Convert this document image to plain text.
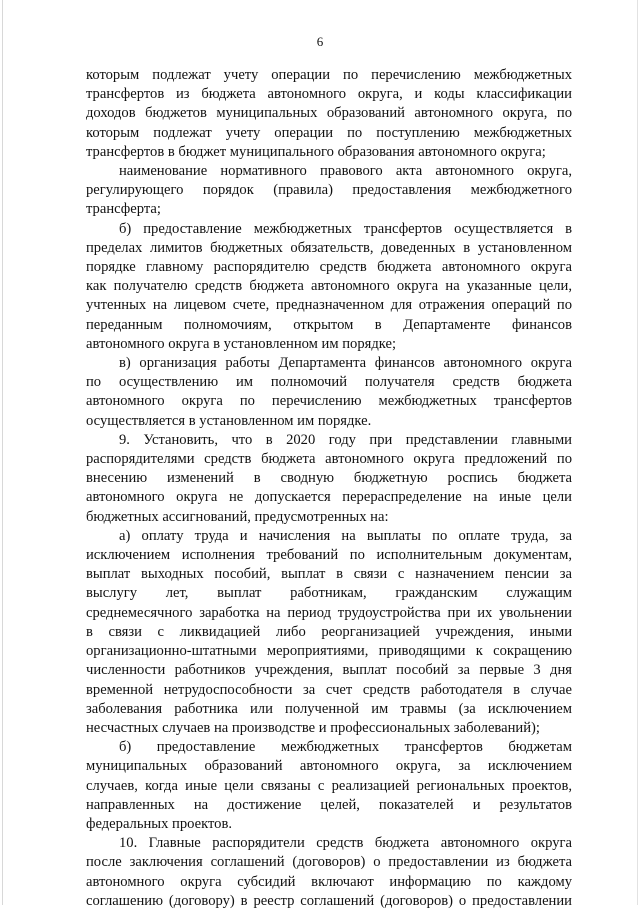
6
которым подлежат учету операции по перечислению межбюджетных
трансфертов из бюджета автономного округа, и коды классификации
доходов бюджетов муниципальных образований автономного округа, по
которым подлежат учету операции по поступлению межбюджетных
трансфертов в бюджет муниципального образования автономного округа;
наименование нормативного правового акта автономного округа,
регулирующего порядок (правила) предоставления межбюджетного
трансферта;
б) предоставление межбюджетных трансфертов осуществляется в
пределах лимитов бюджетных обязательств, доведенных в установленном
порядке главному распорядителю средств бюджета автономного округа
как получателю средств бюджета автономного округа на указанные цели,
учтенных на лицевом счете, предназначенном для отражения операций по
переданным полномочиям, открытом в Департаменте финансов
автономного округа в установленном им порядке;
в) организация работы Департамента финансов автономного округа
по осуществлению им полномочий получателя средств бюджета
автономного округа по перечислению межбюджетных трансфертов
осуществляется в установленном им порядке.
9. Установить, что в 2020 году при представлении главными
распорядителями средств бюджета автономного округа предложений по
внесению изменений в сводную бюджетную роспись бюджета
автономного округа не допускается перераспределение на иные цели
бюджетных ассигнований, предусмотренных на:
а) оплату труда и начисления на выплаты по оплате труда, за
исключением исполнения требований по исполнительным документам,
выплат выходных пособий, выплат в связи с назначением пенсии за
выслугу лет, выплат работникам, гражданским служащим
среднемесячного заработка на период трудоустройства при их увольнении
в связи с ликвидацией либо реорганизацией учреждения, иными
организационно-штатными мероприятиями, приводящими к сокращению
численности работников учреждения, выплат пособий за первые 3 дня
временной нетрудоспособности за счет средств работодателя в случае
заболевания работника или полученной им травмы (за исключением
несчастных случаев на производстве и профессиональных заболеваний);
б) предоставление межбюджетных трансфертов бюджетам
муниципальных образований автономного округа, за исключением
случаев, когда иные цели связаны с реализацией региональных проектов,
направленных на достижение целей, показателей и результатов
федеральных проектов.
10. Главные распорядители средств бюджета автономного округа
после заключения соглашений (договоров) о предоставлении из бюджета
автономного округа субсидий включают информацию по каждому
соглашению (договору) в реестр соглашений (договоров) о предоставлении
